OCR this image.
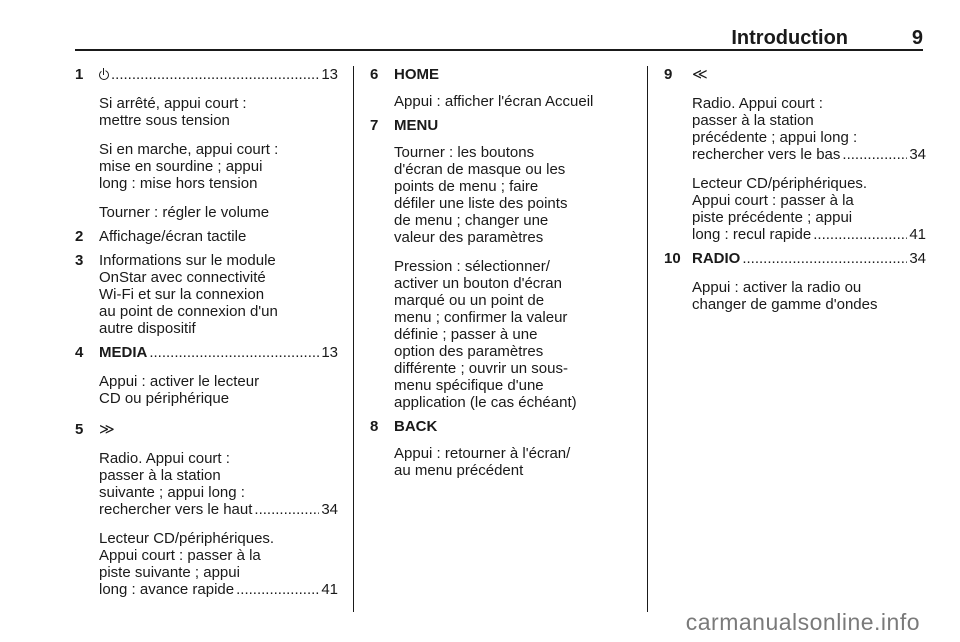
Introduction	9
1 .....	13
Si arrêté, appui court :
mettre sous tension
Si en marche, appui court :
mise en sourdine ; appui
long : mise hors tension
Tourner : régler le volume
2 Affichage/écran tactile
3 Informations sur le module
OnStar avec connectivité
Wi-Fi et sur la connexion
au point de connexion d'un
autre dispositif
4 MEDIA .....	13
Appui : activer le lecteur
CD ou périphérique
5 ≫
Radio. Appui court :
passer à la station
suivante ; appui long :
rechercher vers le haut .....	34
Lecteur CD/périphériques.
Appui court : passer à la
piste suivante ; appui
long : avance rapide .....	41
6 HOME
Appui : afficher l'écran Accueil
7 MENU
Tourner : les boutons
d'écran de masque ou les
points de menu ; faire
défiler une liste des points
de menu ; changer une
valeur des paramètres
Pression : sélectionner/
activer un bouton d'écran
marqué ou un point de
menu ; confirmer la valeur
définie ; passer à une
option des paramètres
différente ; ouvrir un sous-
menu spécifique d'une
application (le cas échéant)
8 BACK
Appui : retourner à l'écran/
au menu précédent
9 ≪
Radio. Appui court :
passer à la station
précédente ; appui long :
rechercher vers le bas .....	34
Lecteur CD/périphériques.
Appui court : passer à la
piste précédente ; appui
long : recul rapide .....	41
10 RADIO .....	34
Appui : activer la radio ou
changer de gamme d'ondes
carmanualsonline.info
